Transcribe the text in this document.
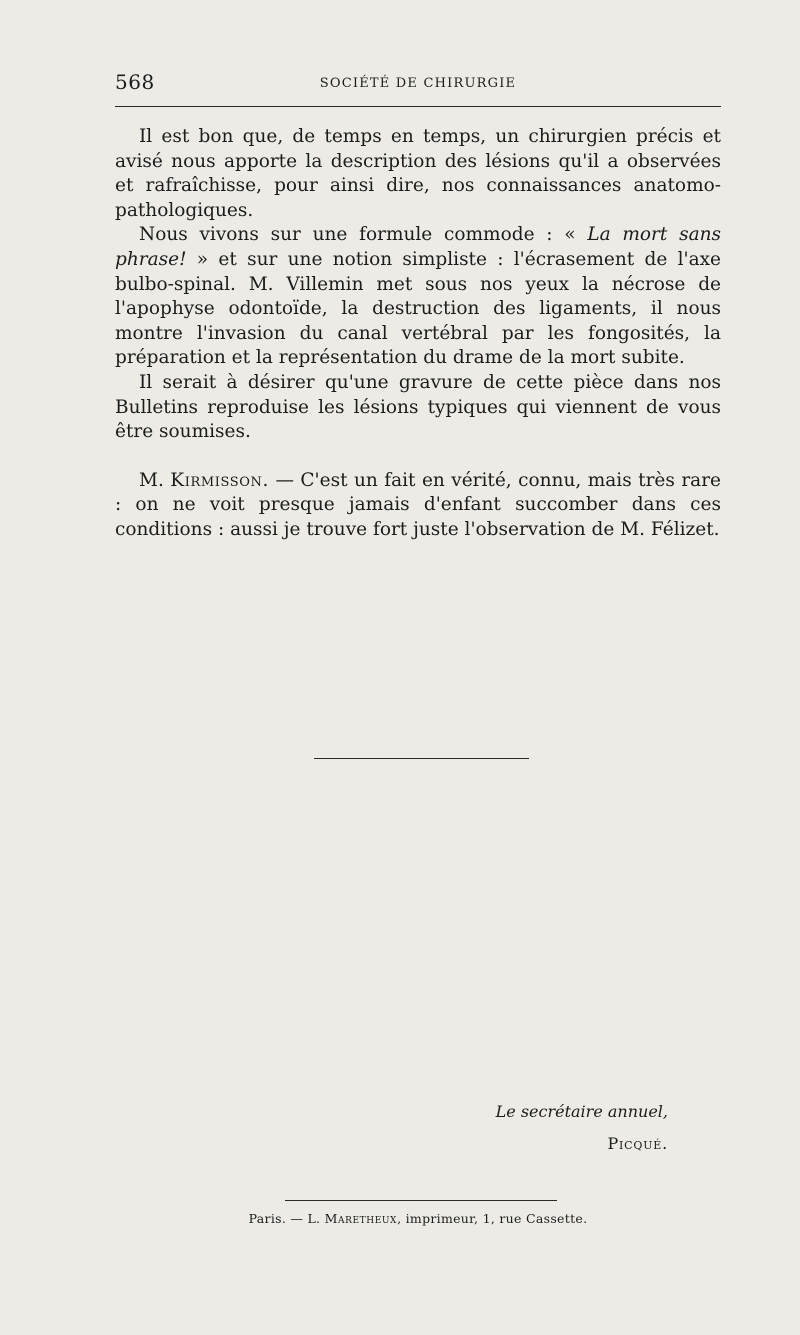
568	SOCIÉTÉ DE CHIRURGIE

Il est bon que, de temps en temps, un chirurgien précis et avisé nous apporte la description des lésions qu'il a observées et rafraîchisse, pour ainsi dire, nos connaissances anatomo-pathologiques.

Nous vivons sur une formule commode : « La mort sans phrase! » et sur une notion simpliste : l'écrasement de l'axe bulbo-spinal. M. Villemin met sous nos yeux la nécrose de l'apophyse odontoïde, la destruction des ligaments, il nous montre l'invasion du canal vertébral par les fongosités, la préparation et la représentation du drame de la mort subite.

Il serait à désirer qu'une gravure de cette pièce dans nos Bulletins reproduise les lésions typiques qui viennent de vous être soumises.

M. Kirmisson. — C'est un fait en vérité, connu, mais très rare : on ne voit presque jamais d'enfant succomber dans ces conditions : aussi je trouve fort juste l'observation de M. Félizet.

Le secrétaire annuel,
Picqué.
Paris. — L. Maretheux, imprimeur, 1, rue Cassette.
